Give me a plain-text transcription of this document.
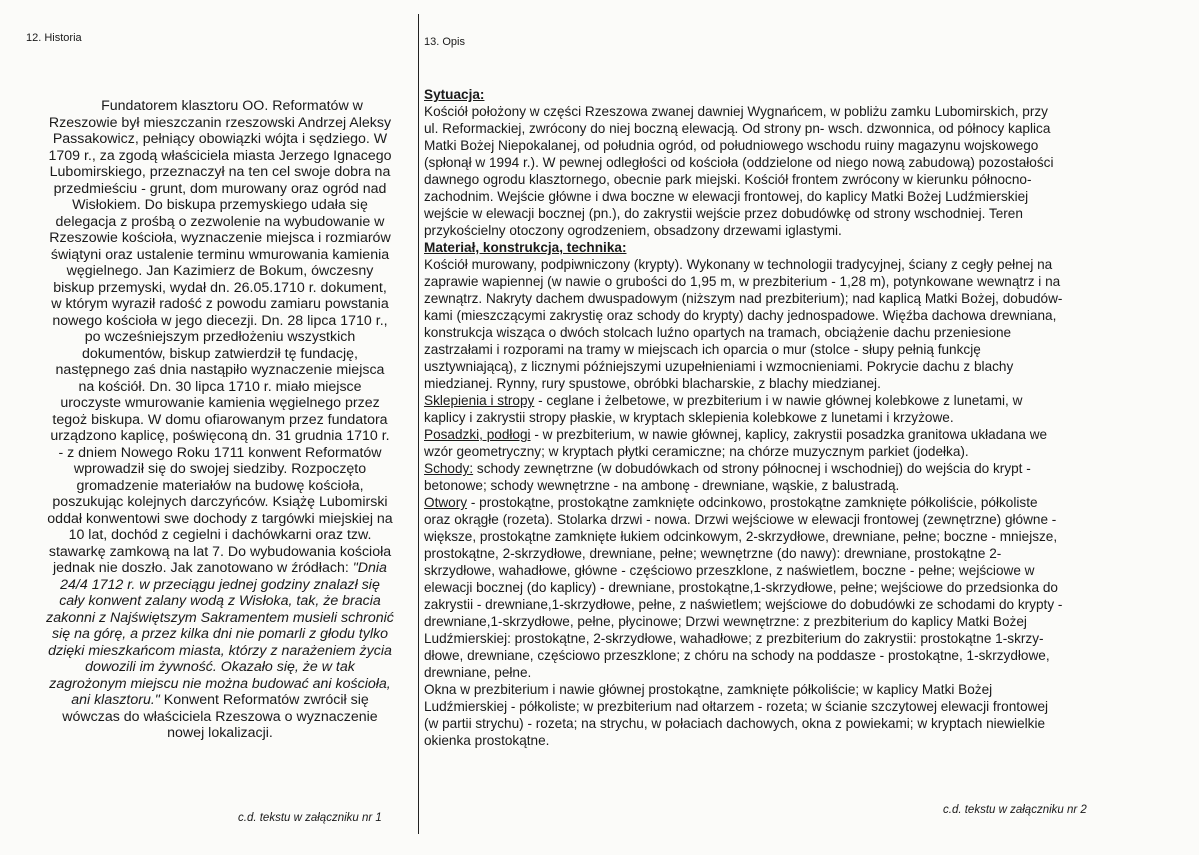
12. Historia	13. Opis
Fundatorem klasztoru OO. Reformatów w
Rzeszowie był mieszczanin rzeszowski Andrzej Aleksy
Passakowicz, pełniący obowiązki wójta i sędziego. W
1709 r., za zgodą właściciela miasta Jerzego Ignacego
Lubomirskiego, przeznaczył na ten cel swoje dobra na
przedmieściu - grunt, dom murowany oraz ogród nad
Wisłokiem. Do biskupa przemyskiego udała się
delegacja z prośbą o zezwolenie na wybudowanie w
Rzeszowie kościoła, wyznaczenie miejsca i rozmiarów
świątyni oraz ustalenie terminu wmurowania kamienia
węgielnego. Jan Kazimierz de Bokum, ówczesny
biskup przemyski, wydał dn. 26.05.1710 r. dokument,
w którym wyraził radość z powodu zamiaru powstania
nowego kościoła w jego diecezji. Dn. 28 lipca 1710 r.,
po wcześniejszym przedłożeniu wszystkich
dokumentów, biskup zatwierdził tę fundację,
następnego zaś dnia nastąpiło wyznaczenie miejsca
na kościół. Dn. 30 lipca 1710 r. miało miejsce
uroczyste wmurowanie kamienia węgielnego przez
tegoż biskupa. W domu ofiarowanym przez fundatora
urządzono kaplicę, poświęconą dn. 31 grudnia 1710 r.
- z dniem Nowego Roku 1711 konwent Reformatów
wprowadził się do swojej siedziby. Rozpoczęto
gromadzenie materiałów na budowę kościoła,
poszukując kolejnych darczyńców. Książę Lubomirski
oddał konwentowi swe dochody z targówki miejskiej na
10 lat, dochód z cegielni i dachówkarni oraz tzw.
stawarkę zamkową na lat 7. Do wybudowania kościoła
jednak nie doszło. Jak zanotowano w źródłach: "Dnia
24/4 1712 r. w przeciągu jednej godziny znalazł się
cały konwent zalany wodą z Wisłoka, tak, że bracia
zakonni z Najświętszym Sakramentem musieli schronić
się na górę, a przez kilka dni nie pomarli z głodu tylko
dzięki mieszkańcom miasta, którzy z narażeniem życia
dowozili im żywność. Okazało się, że w tak
zagrożonym miejscu nie można budować ani kościoła,
ani klasztoru." Konwent Reformatów zwrócił się
wówczas do właściciela Rzeszowa o wyznaczenie
nowej lokalizacji.
Sytuacja:
Kościół położony w części Rzeszowa zwanej dawniej Wygnańcem, w pobliżu zamku Lubomirskich, przy
ul. Reformackiej, zwrócony do niej boczną elewacją. Od strony pn- wsch. dzwonnica, od północy kaplica
Matki Bożej Niepokalanej, od południa ogród, od południowego wschodu ruiny magazynu wojskowego
(spłonął w 1994 r.). W pewnej odległości od kościoła (oddzielone od niego nową zabudową) pozostałości
dawnego ogrodu klasztornego, obecnie park miejski. Kościół frontem zwrócony w kierunku północno-
zachodnim. Wejście główne i dwa boczne w elewacji frontowej, do kaplicy Matki Bożej Ludźmierskiej
wejście w elewacji bocznej (pn.), do zakrystii wejście przez dobudówkę od strony wschodniej. Teren
przykościelny otoczony ogrodzeniem, obsadzony drzewami iglastymi.
Materiał, konstrukcja, technika:
Kościół murowany, podpiwniczony (krypty). Wykonany w technologii tradycyjnej, ściany z cegły pełnej na
zaprawie wapiennej (w nawie o grubości do 1,95 m, w prezbiterium - 1,28 m), potynkowane wewnątrz i na
zewnątrz. Nakryty dachem dwuspadowym (niższym nad prezbiterium); nad kaplicą Matki Bożej, dobudów-
kami (mieszczącymi zakrystię oraz schody do krypty) dachy jednospadowe. Więźba dachowa drewniana,
konstrukcja wisząca o dwóch stolcach luźno opartych na tramach, obciążenie dachu przeniesione
zastrzałami i rozporami na tramy w miejscach ich oparcia o mur (stolce - słupy pełnią funkcję
usztywniającą), z licznymi późniejszymi uzupełnieniami i wzmocnieniami. Pokrycie dachu z blachy
miedzianej. Rynny, rury spustowe, obróbki blacharskie, z blachy miedzianej.
Sklepienia i stropy - ceglane i żelbetowe, w prezbiterium i w nawie głównej kolebkowe z lunetami, w
kaplicy i zakrystii stropy płaskie, w kryptach sklepienia kolebkowe z lunetami i krzyżowe.
Posadzki, podłogi - w prezbiterium, w nawie głównej, kaplicy, zakrystii posadzka granitowa układana we
wzór geometryczny; w kryptach płytki ceramiczne; na chórze muzycznym parkiet (jodełka).
Schody: schody zewnętrzne (w dobudówkach od strony północnej i wschodniej) do wejścia do krypt -
betonowe; schody wewnętrzne - na ambonę - drewniane, wąskie, z balustradą.
Otwory - prostokątne, prostokątne zamknięte odcinkowo, prostokątne zamknięte półkoliście, półkoliste
oraz okrągłe (rozeta). Stolarka drzwi - nowa. Drzwi wejściowe w elewacji frontowej (zewnętrzne) główne -
większe, prostokątne zamknięte łukiem odcinkowym, 2-skrzydłowe, drewniane, pełne; boczne - mniejsze,
prostokątne, 2-skrzydłowe, drewniane, pełne; wewnętrzne (do nawy): drewniane, prostokątne 2-
skrzydłowe, wahadłowe, główne - częściowo przeszklone, z naświetlem, boczne - pełne; wejściowe w
elewacji bocznej (do kaplicy) - drewniane, prostokątne,1-skrzydłowe, pełne; wejściowe do przedsionka do
zakrystii - drewniane,1-skrzydłowe, pełne, z naświetlem; wejściowe do dobudówki ze schodami do krypty -
drewniane,1-skrzydłowe, pełne, płycinowe; Drzwi wewnętrzne: z prezbiterium do kaplicy Matki Bożej
Ludźmierskiej: prostokątne, 2-skrzydłowe, wahadłowe; z prezbiterium do zakrystii: prostokątne 1-skrzy-
dłowe, drewniane, częściowo przeszklone; z chóru na schody na poddasze - prostokątne, 1-skrzydłowe,
drewniane, pełne.
Okna w prezbiterium i nawie głównej prostokątne, zamknięte półkoliście; w kaplicy Matki Bożej
Ludźmierskiej - półkoliste; w prezbiterium nad ołtarzem - rozeta; w ścianie szczytowej elewacji frontowej
(w partii strychu) - rozeta; na strychu, w połaciach dachowych, okna z powiekami; w kryptach niewielkie
okienka prostokątne.
c.d. tekstu w załączniku nr 1
c.d. tekstu w załączniku nr 2
